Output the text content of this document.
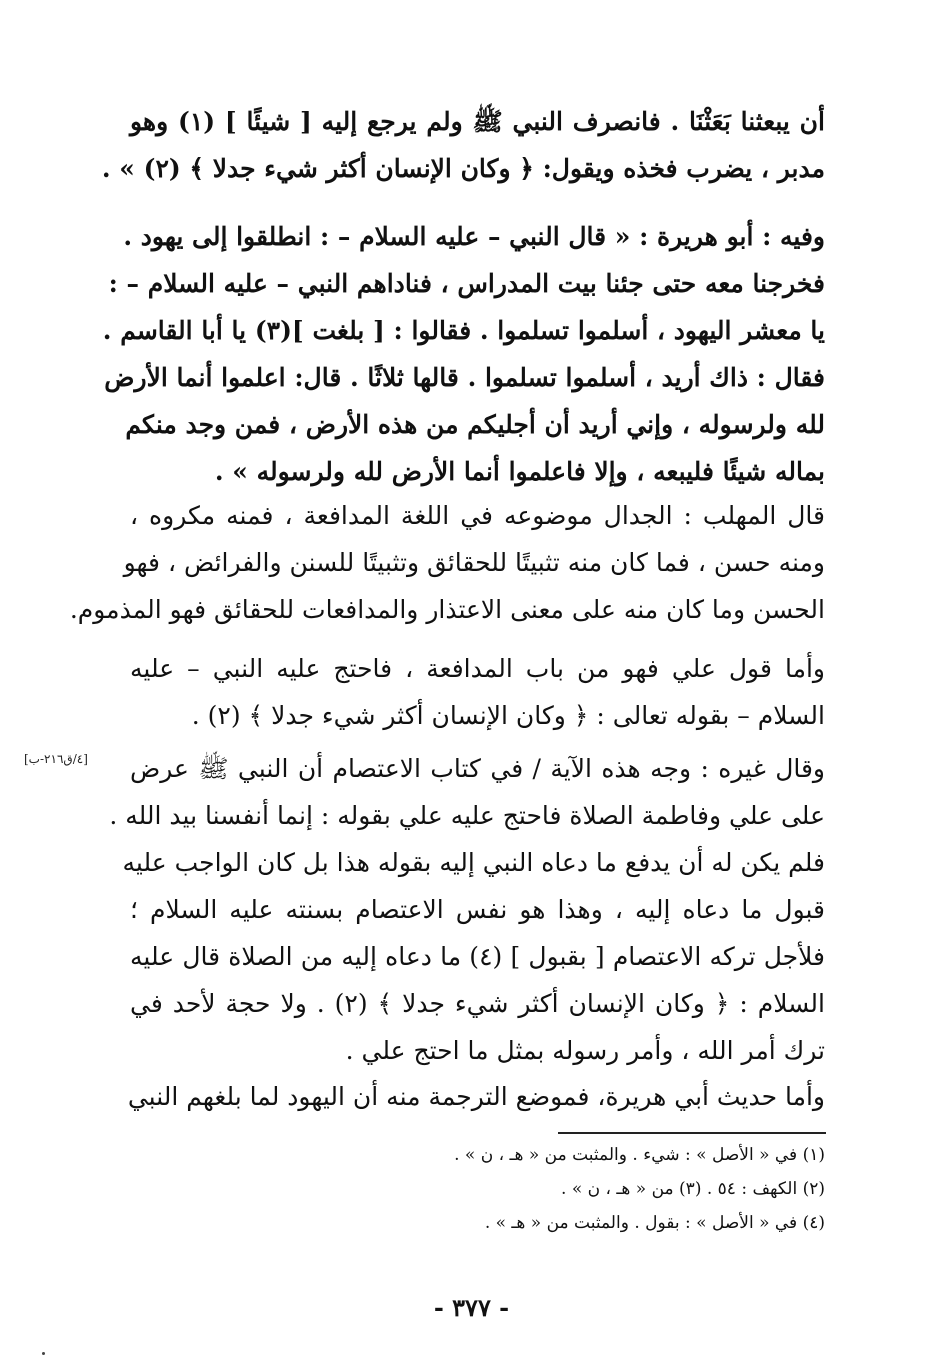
أن يبعثنا بَعَثْنَا . فانصرف النبي ﷺ ولم يرجع إليه [ شيئًا ] (١) وهو
مدبر ، يضرب فخذه ويقول: ﴿ وكان الإنسان أكثر شيء جدلا ﴾ (٢) » .
وفيه : أبو هريرة : « قال النبي – عليه السلام – : انطلقوا إلى يهود .
فخرجنا معه حتى جئنا بيت المدراس ، فناداهم النبي – عليه السلام – :
يا معشر اليهود ، أسلموا تسلموا . فقالوا : [ بلغت ](٣) يا أبا القاسم .
فقال : ذاك أريد ، أسلموا تسلموا . قالها ثلاثًا . قال: اعلموا أنما الأرض
لله ولرسوله ، وإني أريد أن أجليكم من هذه الأرض ، فمن وجد منكم
بماله شيئًا فليبعه ، وإلا فاعلموا أنما الأرض لله ولرسوله » .
قال المهلب : الجدال موضوعه في اللغة المدافعة ، فمنه مكروه ،
ومنه حسن ، فما كان منه تثبيتًا للحقائق وتثبيتًا للسنن والفرائض ، فهو
الحسن وما كان منه على معنى الاعتذار والمدافعات للحقائق فهو المذموم.
وأما قول علي فهو من باب المدافعة ، فاحتج عليه النبي – عليه
السلام – بقوله تعالى : ﴿ وكان الإنسان أكثر شيء جدلا ﴾ (٢) .
وقال غيره : وجه هذه الآية / في كتاب الاعتصام أن النبي ﷺ عرض
على علي وفاطمة الصلاة فاحتج عليه علي بقوله : إنما أنفسنا بيد الله .
فلم يكن له أن يدفع ما دعاه النبي إليه بقوله هذا بل كان الواجب عليه
قبول ما دعاه إليه ، وهذا هو نفس الاعتصام بسنته عليه السلام ؛
فلأجل تركه الاعتصام [ بقبول ] (٤) ما دعاه إليه من الصلاة قال عليه
السلام : ﴿ وكان الإنسان أكثر شيء جدلا ﴾ (٢) . ولا حجة لأحد في
ترك أمر الله ، وأمر رسوله بمثل ما احتج علي .
وأما حديث أبي هريرة، فموضع الترجمة منه أن اليهود لما بلغهم النبي
[٤/ق٢١٦-ب]
(١) في « الأصل » : شيء . والمثبت من « هـ ، ن » .
(٢) الكهف : ٥٤ . (٣) من « هـ ، ن » .
(٤) في « الأصل » : بقول . والمثبت من « هـ » .
- ٣٧٧ -
